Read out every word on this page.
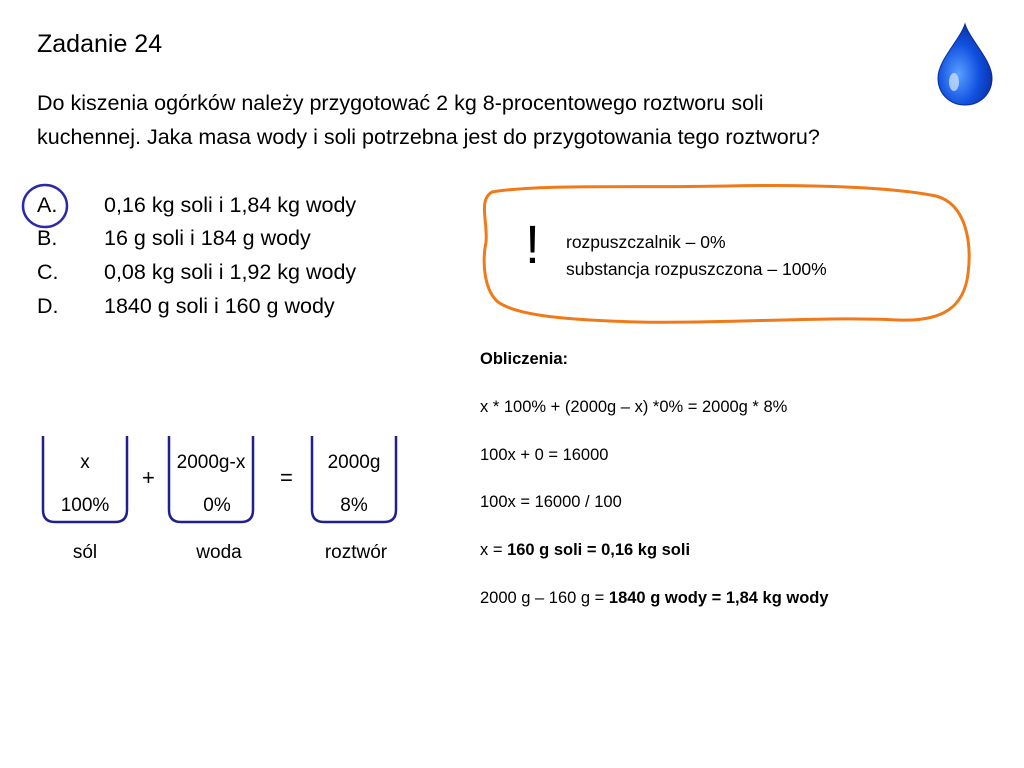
Zadanie 24
Do kiszenia ogórków należy przygotować 2 kg 8-procentowego roztworu soli
kuchennej. Jaka masa wody i soli potrzebna jest do przygotowania tego roztworu?
A. 0,16 kg soli i 1,84 kg wody
B. 16 g soli i 184 g wody
C. 0,08 kg soli i 1,92 kg wody
D. 1840 g soli i 160 g wody
! rozpuszczalnik – 0%
substancja rozpuszczona – 100%
Obliczenia:
x * 100% + (2000g – x) *0% = 2000g * 8%
100x + 0 = 16000
100x = 16000 / 100
x = 160 g soli = 0,16 kg soli
2000 g – 160 g = 1840 g wody = 1,84 kg wody
x
100%
2000g-x
0%
2000g
8%
+	=
sól	woda	roztwór
